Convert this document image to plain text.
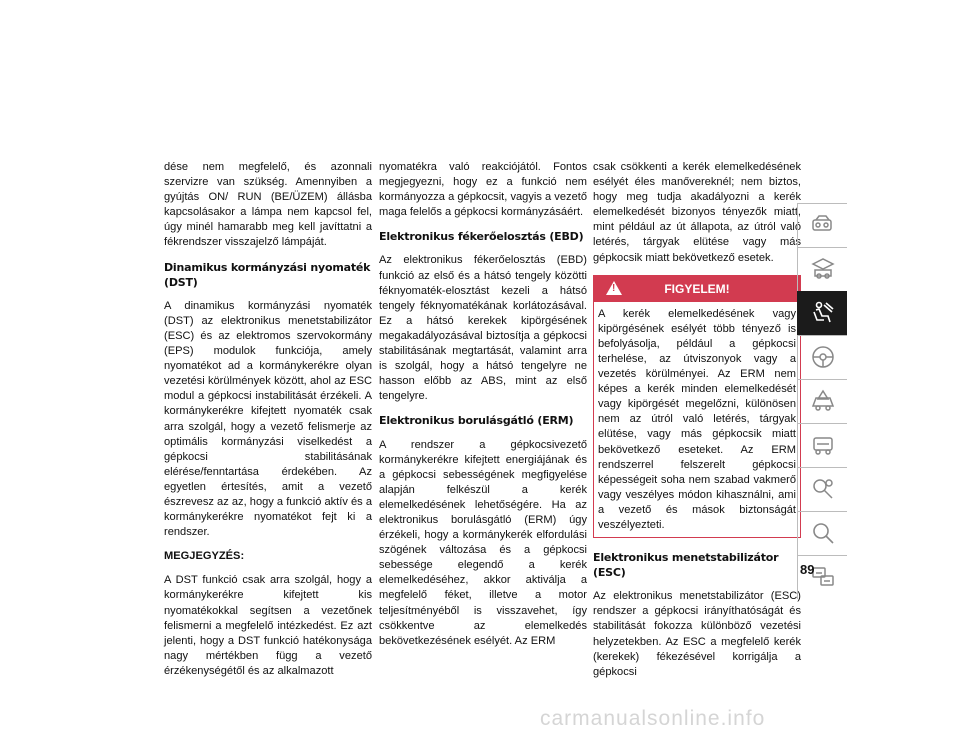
dése nem megfelelő, és azonnali szervizre van szükség. Amennyiben a gyújtás ON/ RUN (BE/ÜZEM) állásba kapcsolásakor a lámpa nem kapcsol fel, úgy minél hamarabb meg kell javíttatni a fékrendszer visszajelző lámpáját.

Dinamikus kormányzási nyomaték (DST)

A dinamikus kormányzási nyomaték (DST) az elektronikus menetstabilizátor (ESC) és az elektromos szervokormány (EPS) modulok funkciója, amely nyomatékot ad a kormánykerékre olyan vezetési körülmények között, ahol az ESC modul a gépkocsi instabilitását érzékeli. A kormánykerékre kifejtett nyomaték csak arra szolgál, hogy a vezető felismerje az optimális kormányzási viselkedést a gépkocsi stabilitásának elérése/fenntartása érdekében. Az egyetlen értesítés, amit a vezető észrevesz az az, hogy a funkció aktív és a kormánykerékre nyomatékot fejt ki a rendszer.

MEGJEGYZÉS:

A DST funkció csak arra szolgál, hogy a kormánykerékre kifejtett kis nyomatékokkal segítsen a vezetőnek felismerni a megfelelő intézkedést. Ez azt jelenti, hogy a DST funkció hatékonysága nagy mértékben függ a vezető érzékenységétől és az alkalmazott

nyomatékra való reakciójától. Fontos megjegyezni, hogy ez a funkció nem kormányozza a gépkocsit, vagyis a vezető maga felelős a gépkocsi kormányzásáért.

Elektronikus fékerőelosztás (EBD)

Az elektronikus fékerőelosztás (EBD) funkció az első és a hátsó tengely közötti féknyomaték-elosztást kezeli a hátsó tengely féknyomatékának korlátozásával. Ez a hátsó kerekek kipörgésének megakadályozásával biztosítja a gépkocsi stabilitásának megtartását, valamint arra is szolgál, hogy a hátsó tengelyre ne hasson előbb az ABS, mint az első tengelyre.

Elektronikus borulásgátló (ERM)

A rendszer a gépkocsivezető kormánykerékre kifejtett energiájának és a gépkocsi sebességének megfigyelése alapján felkészül a kerék elemelkedésének lehetőségére. Ha az elektronikus borulásgátló (ERM) úgy érzékeli, hogy a kormánykerék elfordulási szögének változása és a gépkocsi sebessége elegendő a kerék elemelkedéséhez, akkor aktiválja a megfelelő féket, illetve a motor teljesítményéből is visszavehet, így csökkentve az elemelkedés bekövetkezésének esélyét. Az ERM

csak csökkenti a kerék elemelkedésének esélyét éles manővereknél; nem biztos, hogy meg tudja akadályozni a kerék elemelkedését bizonyos tényezők miatt, mint például az út állapota, az útról való letérés, tárgyak elütése vagy más gépkocsik miatt bekövetkező esetek.

!	FIGYELEM!
A kerék elemelkedésének vagy kipörgésének esélyét több tényező is befolyásolja, például a gépkocsi terhelése, az útviszonyok vagy a vezetés körülményei. Az ERM nem képes a kerék minden elemelkedését vagy kipörgését megelőzni, különösen nem az útról való letérés, tárgyak elütése, vagy más gépkocsik miatt bekövetkező eseteket. Az ERM rendszerrel felszerelt gépkocsi képességeit soha nem szabad vakmerő vagy veszélyes módon kihasználni, ami a vezető és mások biztonságát veszélyezteti.
Elektronikus menetstabilizátor (ESC)

Az elektronikus menetstabilizátor (ESC) rendszer a gépkocsi irányíthatóságát és stabilitását fokozza különböző vezetési helyzetekben. Az ESC a megfelelő kerék (kerekek) fékezésével korrigálja a gépkocsi

89
carmanualsonline.info
